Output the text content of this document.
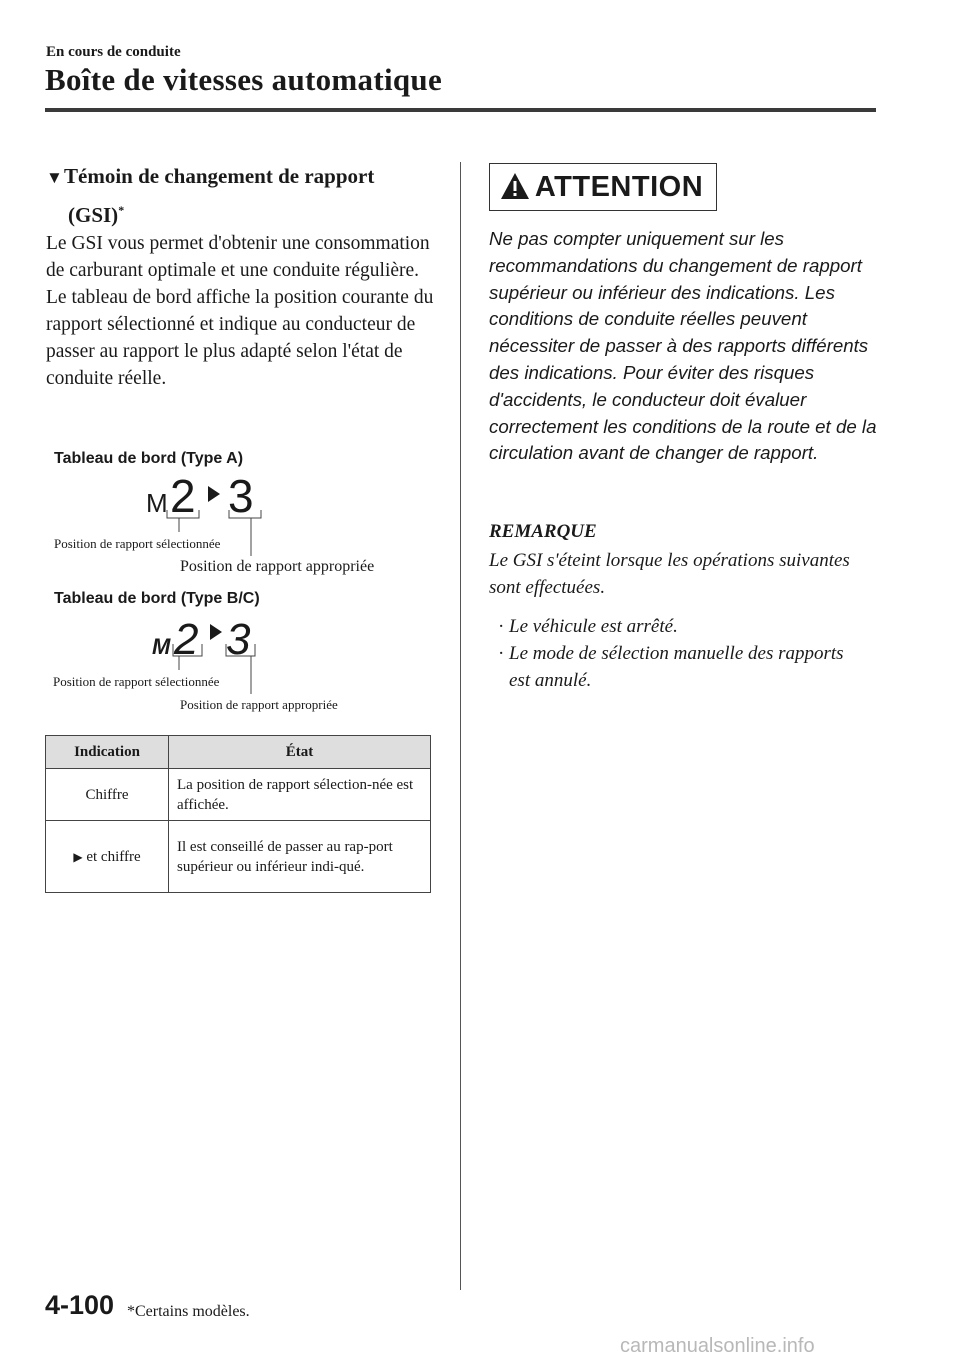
En cours de conduite
Boîte de vitesses automatique
▼Témoin de changement de rapport
(GSI)*
Le GSI vous permet d'obtenir une consommation de carburant optimale et une conduite régulière. Le tableau de bord affiche la position courante du rapport sélectionné et indique au conducteur de passer au rapport le plus adapté selon l'état de conduite réelle.
Tableau de bord (Type A)
M 2 3
Position de rapport sélectionnée
Position de rapport appropriée
Tableau de bord (Type B/C)
M 2 3
Position de rapport sélectionnée
Position de rapport appropriée
Indication	État
Chiffre	La position de rapport sélection-née est affichée.
▶ et chiffre	Il est conseillé de passer au rap-port supérieur ou inférieur indi-qué.
ATTENTION
Ne pas compter uniquement sur les recommandations du changement de rapport supérieur ou inférieur des indications. Les conditions de conduite réelles peuvent nécessiter de passer à des rapports différents des indications. Pour éviter des risques d'accidents, le conducteur doit évaluer correctement les conditions de la route et de la circulation avant de changer de rapport.
REMARQUE
Le GSI s'éteint lorsque les opérations suivantes sont effectuées.
· Le véhicule est arrêté.
· Le mode de sélection manuelle des rapports est annulé.
4-100 *Certains modèles.
carmanualsonline.info
